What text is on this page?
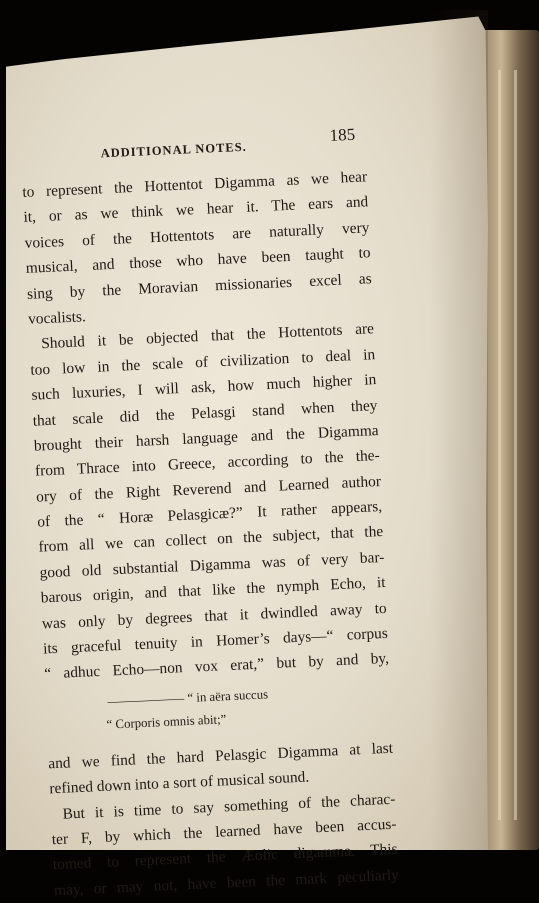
ADDITIONAL NOTES.
185
to represent the Hottentot Digamma as we hear
it, or as we think we hear it. The ears and
voices of the Hottentots are naturally very
musical, and those who have been taught to
sing by the Moravian missionaries excel as
vocalists.
Should it be objected that the Hottentots are
too low in the scale of civilization to deal in
such luxuries, I will ask, how much higher in
that scale did the Pelasgi stand when they
brought their harsh language and the Digamma
from Thrace into Greece, according to the the-
ory of the Right Reverend and Learned author
of the “ Horæ Pelasgicæ?” It rather appears,
from all we can collect on the subject, that the
good old substantial Digamma was of very bar-
barous origin, and that like the nymph Echo, it
was only by degrees that it dwindled away to
its graceful tenuity in Homer’s days—“ corpus
“ adhuc Echo—non vox erat,” but by and by,
—————— “ in aëra succus
“ Corporis omnis abit;”
and we find the hard Pelasgic Digamma at last
refined down into a sort of musical sound.
But it is time to say something of the charac-
ter F, by which the learned have been accus-
tomed to represent the Æolic digamma. This
may, or may not, have been the mark peculiarly
